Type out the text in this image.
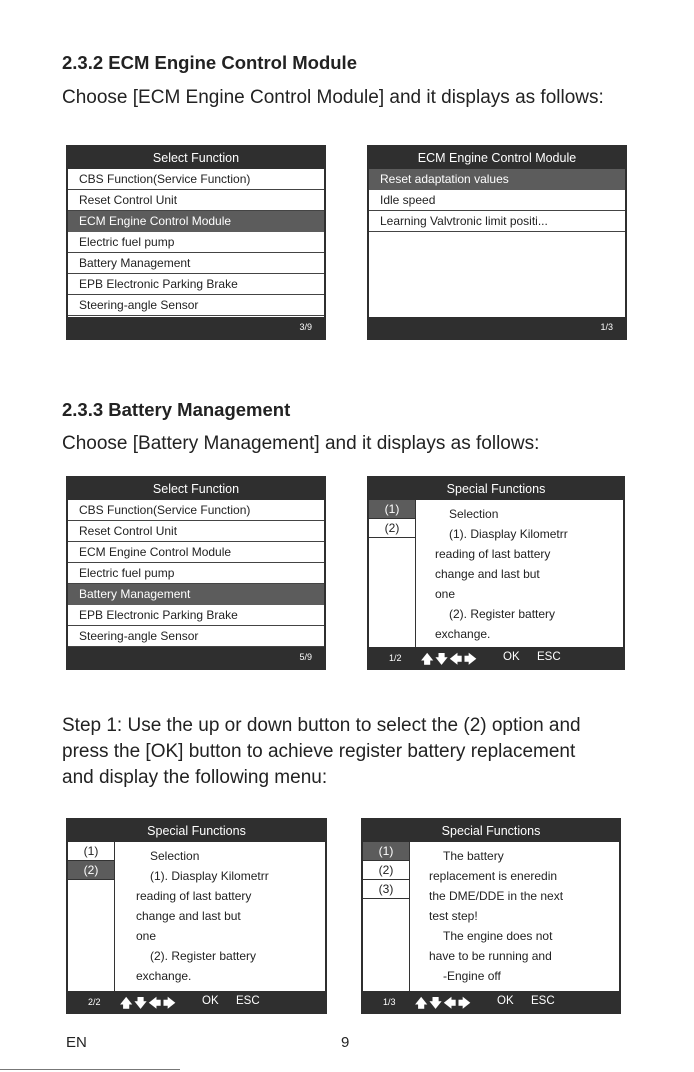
2.3.2 ECM Engine Control Module
Choose [ECM Engine Control Module] and it displays as follows:
Select Function
CBS Function(Service Function)
Reset Control Unit
ECM Engine Control Module
Electric fuel pump
Battery Management
EPB Electronic Parking Brake
Steering-angle Sensor
3/9
ECM Engine Control Module
Reset adaptation values
Idle speed
Learning Valvtronic limit positi...
1/3
2.3.3 Battery Management
Choose [Battery Management] and it displays as follows:
Select Function
CBS Function(Service Function)
Reset Control Unit
ECM Engine Control Module
Electric fuel pump
Battery Management
EPB Electronic Parking Brake
Steering-angle Sensor
5/9
Special Functions
(1)
(2)
Selection
(1). Diasplay Kilometrr
reading of last battery
change and last but
one
(2). Register battery
exchange.
1/2 🡅🡇🡄🡆 OK ESC
Step 1: Use the up or down button to select the (2) option and
press the [OK] button to achieve register battery replacement
and display the following menu:
Special Functions
(1)
(2)
Selection
(1). Diasplay Kilometrr
reading of last battery
change and last but
one
(2). Register battery
exchange.
2/2 🡅🡇🡄🡆 OK ESC
Special Functions
(1)
(2)
(3)
The battery
replacement is eneredin
the DME/DDE in the next
test step!
The engine does not
have to be running and
-Engine off
1/3 🡅🡇🡄🡆 OK ESC
EN	9
